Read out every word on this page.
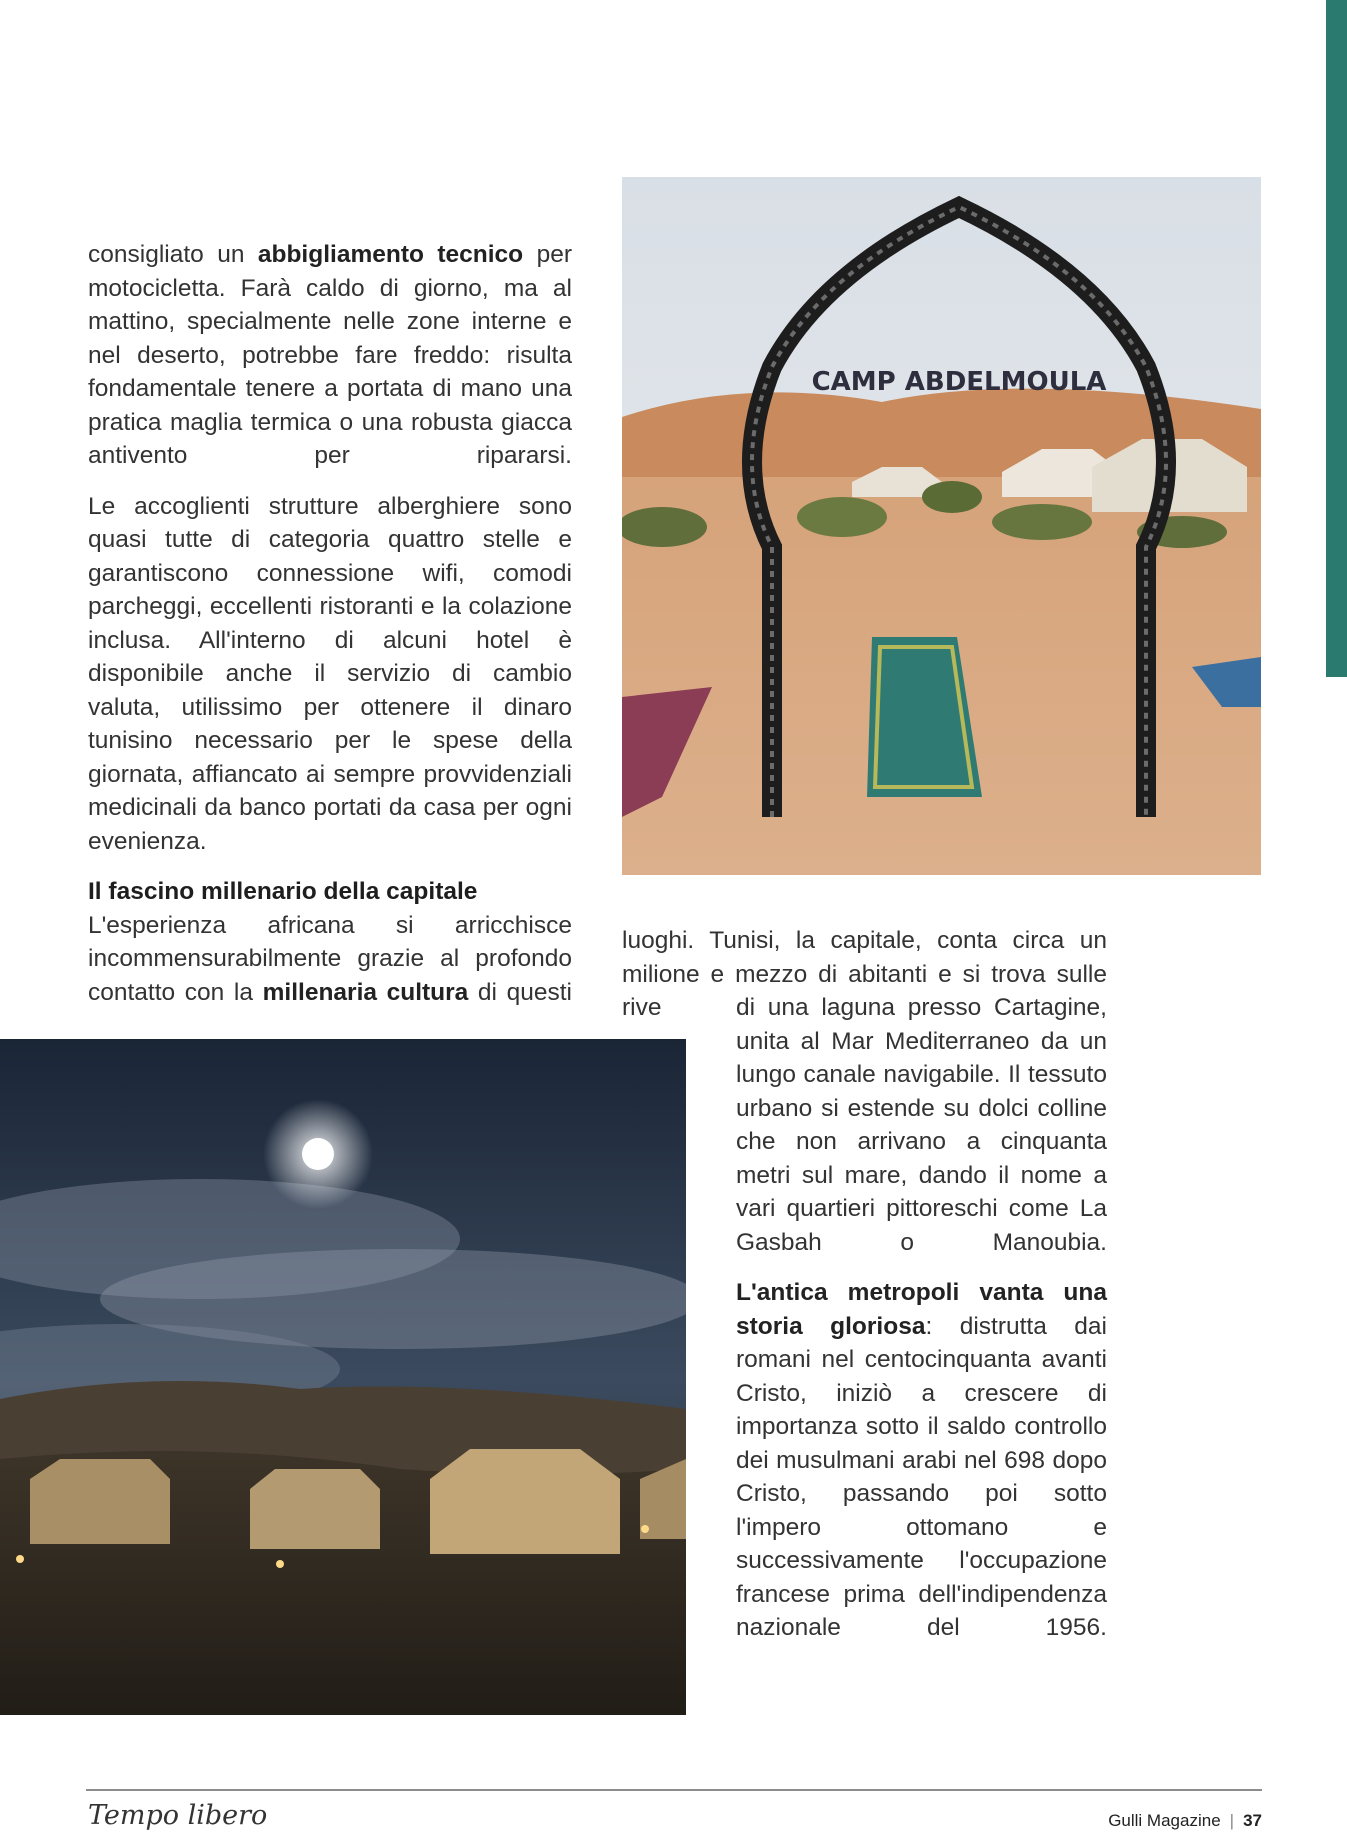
consigliato un abbigliamento tecnico per motocicletta. Farà caldo di giorno, ma al mattino, specialmente nelle zone interne e nel deserto, potrebbe fare freddo: risulta fondamentale tenere a portata di mano una pratica maglia termica o una robusta giacca antivento per ripararsi.

Le accoglienti strutture alberghiere sono quasi tutte di categoria quattro stelle e garantiscono connessione wifi, comodi parcheggi, eccellenti ristoranti e la colazione inclusa. All'interno di alcuni hotel è disponibile anche il servizio di cambio valuta, utilissimo per ottenere il dinaro tunisino necessario per le spese della giornata, affiancato ai sempre provvidenziali medicinali da banco portati da casa per ogni evenienza.

Il fascino millenario della capitale

L'esperienza africana si arricchisce incommensurabilmente grazie al profondo contatto con la millenaria cultura di questi

CAMP ABDELMOULA

luoghi. Tunisi, la capitale, conta circa un milione e mezzo di abitanti e si trova sulle rive	di una laguna presso Cartagine, unita al Mar Mediterraneo da un lungo canale navigabile. Il tessuto urbano si estende su dolci colline che non arrivano a cinquanta metri sul mare, dando il nome a vari quartieri pittoreschi come La Gasbah o Manoubia.

L'antica metropoli vanta una storia gloriosa: distrutta dai romani nel centocinquanta avanti Cristo, iniziò a crescere di importanza sotto il saldo controllo dei musulmani arabi nel 698 dopo Cristo, passando poi sotto l'impero ottomano e successivamente l'occupazione francese prima dell'indipendenza nazionale del 1956.

Tempo libero	Gulli Magazine | 37
